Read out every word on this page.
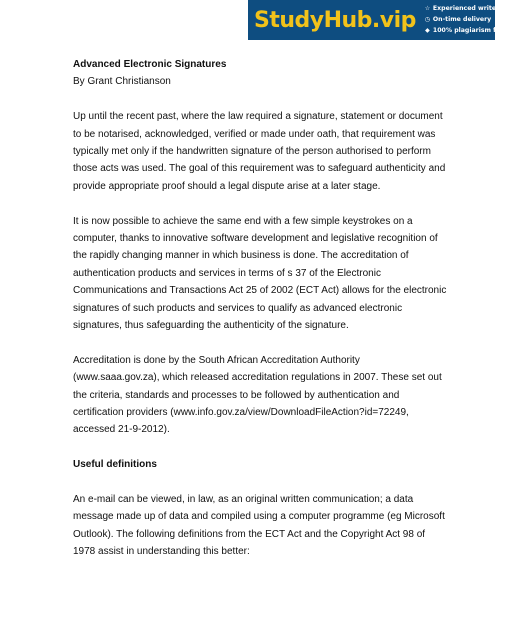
StudyHub.vip ☆ Experienced writers
◷ On-time delivery
◆ 100% plagiarism free

Advanced Electronic Signatures

By Grant Christianson

Up until the recent past, where the law required a signature, statement or document
to be notarised, acknowledged, verified or made under oath, that requirement was
typically met only if the handwritten signature of the person authorised to perform
those acts was used. The goal of this requirement was to safeguard authenticity and
provide appropriate proof should a legal dispute arise at a later stage.

It is now possible to achieve the same end with a few simple keystrokes on a
computer, thanks to innovative software development and legislative recognition of
the rapidly changing manner in which business is done. The accreditation of
authentication products and services in terms of s 37 of the Electronic
Communications and Transactions Act 25 of 2002 (ECT Act) allows for the electronic
signatures of such products and services to qualify as advanced electronic
signatures, thus safeguarding the authenticity of the signature.

Accreditation is done by the South African Accreditation Authority
(www.saaa.gov.za), which released accreditation regulations in 2007. These set out
the criteria, standards and processes to be followed by authentication and
certification providers (www.info.gov.za/view/DownloadFileAction?id=72249,
accessed 21-9-2012).

Useful definitions

An e-mail can be viewed, in law, as an original written communication; a data
message made up of data and compiled using a computer programme (eg Microsoft
Outlook). The following definitions from the ECT Act and the Copyright Act 98 of
1978 assist in understanding this better:
